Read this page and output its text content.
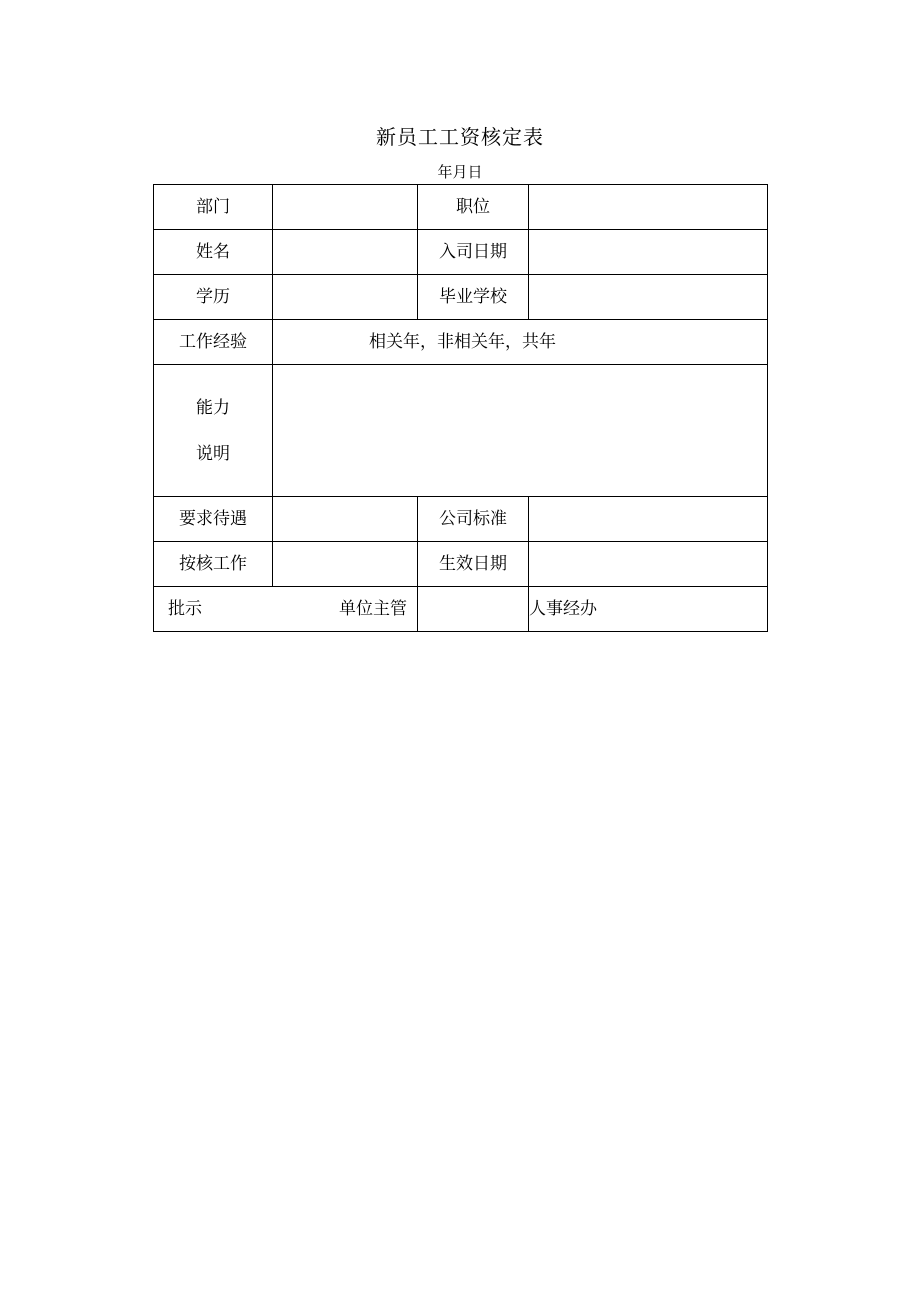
新员工工资核定表
年月日
部门		职位	
姓名		入司日期	
学历		毕业学校	
工作经验	相关年，非相关年，共年		

能力
说明			

要求待遇		公司标准	
按核工作		生效日期	

批示 单位主管			人事经办
